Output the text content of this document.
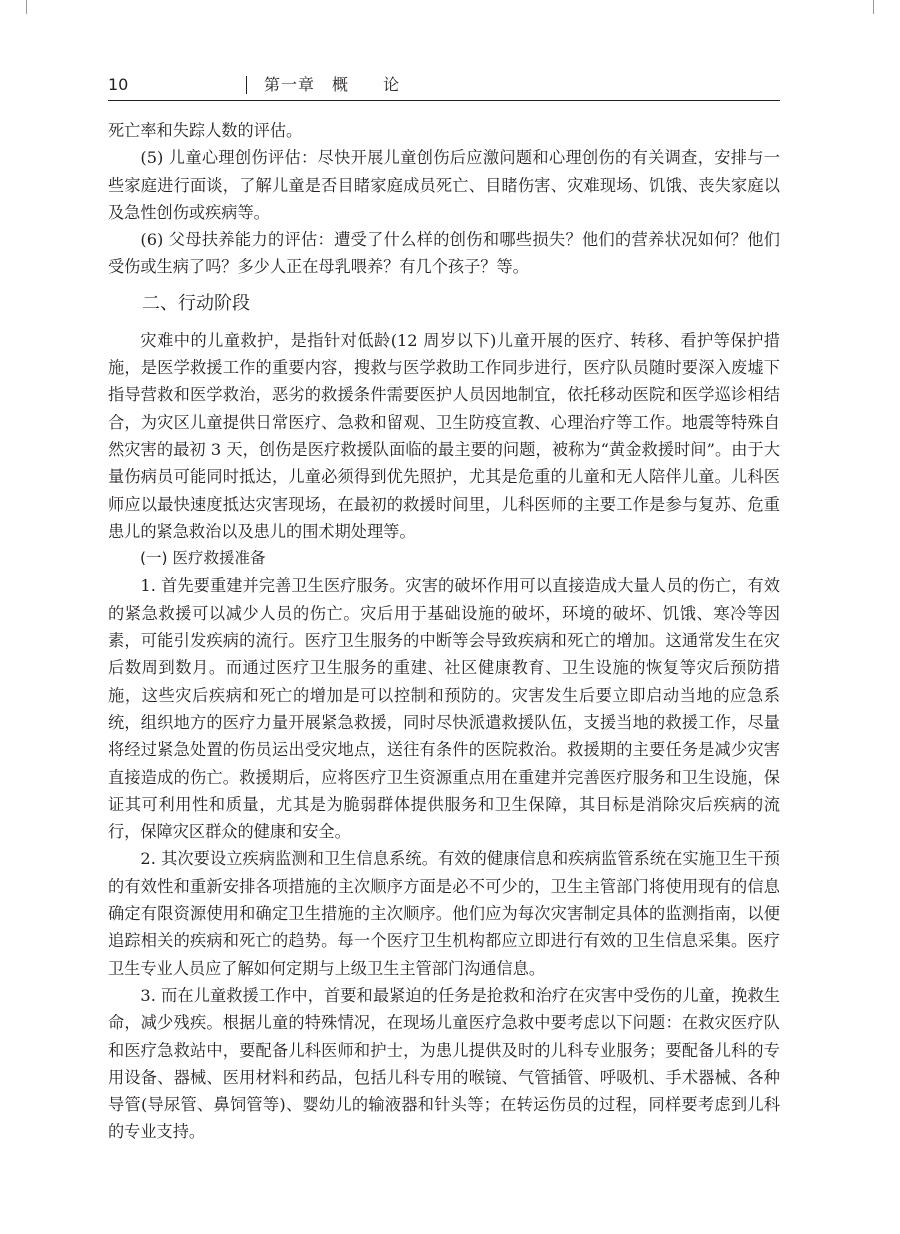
10	第一章　概　　论

死亡率和失踪人数的评估。

(5) 儿童心理创伤评估：尽快开展儿童创伤后应激问题和心理创伤的有关调查，安排与一些家庭进行面谈，了解儿童是否目睹家庭成员死亡、目睹伤害、灾难现场、饥饿、丧失家庭以及急性创伤或疾病等。

(6) 父母扶养能力的评估：遭受了什么样的创伤和哪些损失？他们的营养状况如何？他们受伤或生病了吗？多少人正在母乳喂养？有几个孩子？等。

二、行动阶段

灾难中的儿童救护，是指针对低龄(12 周岁以下)儿童开展的医疗、转移、看护等保护措施，是医学救援工作的重要内容，搜救与医学救助工作同步进行，医疗队员随时要深入废墟下指导营救和医学救治，恶劣的救援条件需要医护人员因地制宜，依托移动医院和医学巡诊相结合，为灾区儿童提供日常医疗、急救和留观、卫生防疫宣教、心理治疗等工作。地震等特殊自然灾害的最初 3 天，创伤是医疗救援队面临的最主要的问题，被称为“黄金救援时间”。由于大量伤病员可能同时抵达，儿童必须得到优先照护，尤其是危重的儿童和无人陪伴儿童。儿科医师应以最快速度抵达灾害现场，在最初的救援时间里，儿科医师的主要工作是参与复苏、危重患儿的紧急救治以及患儿的围术期处理等。

(一) 医疗救援准备

1. 首先要重建并完善卫生医疗服务。灾害的破坏作用可以直接造成大量人员的伤亡，有效的紧急救援可以减少人员的伤亡。灾后用于基础设施的破坏，环境的破坏、饥饿、寒冷等因素，可能引发疾病的流行。医疗卫生服务的中断等会导致疾病和死亡的增加。这通常发生在灾后数周到数月。而通过医疗卫生服务的重建、社区健康教育、卫生设施的恢复等灾后预防措施，这些灾后疾病和死亡的增加是可以控制和预防的。灾害发生后要立即启动当地的应急系统，组织地方的医疗力量开展紧急救援，同时尽快派遣救援队伍，支援当地的救援工作，尽量将经过紧急处置的伤员运出受灾地点，送往有条件的医院救治。救援期的主要任务是减少灾害直接造成的伤亡。救援期后，应将医疗卫生资源重点用在重建并完善医疗服务和卫生设施，保证其可利用性和质量，尤其是为脆弱群体提供服务和卫生保障，其目标是消除灾后疾病的流行，保障灾区群众的健康和安全。

2. 其次要设立疾病监测和卫生信息系统。有效的健康信息和疾病监管系统在实施卫生干预的有效性和重新安排各项措施的主次顺序方面是必不可少的，卫生主管部门将使用现有的信息确定有限资源使用和确定卫生措施的主次顺序。他们应为每次灾害制定具体的监测指南，以便追踪相关的疾病和死亡的趋势。每一个医疗卫生机构都应立即进行有效的卫生信息采集。医疗卫生专业人员应了解如何定期与上级卫生主管部门沟通信息。

3. 而在儿童救援工作中，首要和最紧迫的任务是抢救和治疗在灾害中受伤的儿童，挽救生命，减少残疾。根据儿童的特殊情况，在现场儿童医疗急救中要考虑以下问题：在救灾医疗队和医疗急救站中，要配备儿科医师和护士，为患儿提供及时的儿科专业服务；要配备儿科的专用设备、器械、医用材料和药品，包括儿科专用的喉镜、气管插管、呼吸机、手术器械、各种导管(导尿管、鼻饲管等)、婴幼儿的输液器和针头等；在转运伤员的过程，同样要考虑到儿科的专业支持。
